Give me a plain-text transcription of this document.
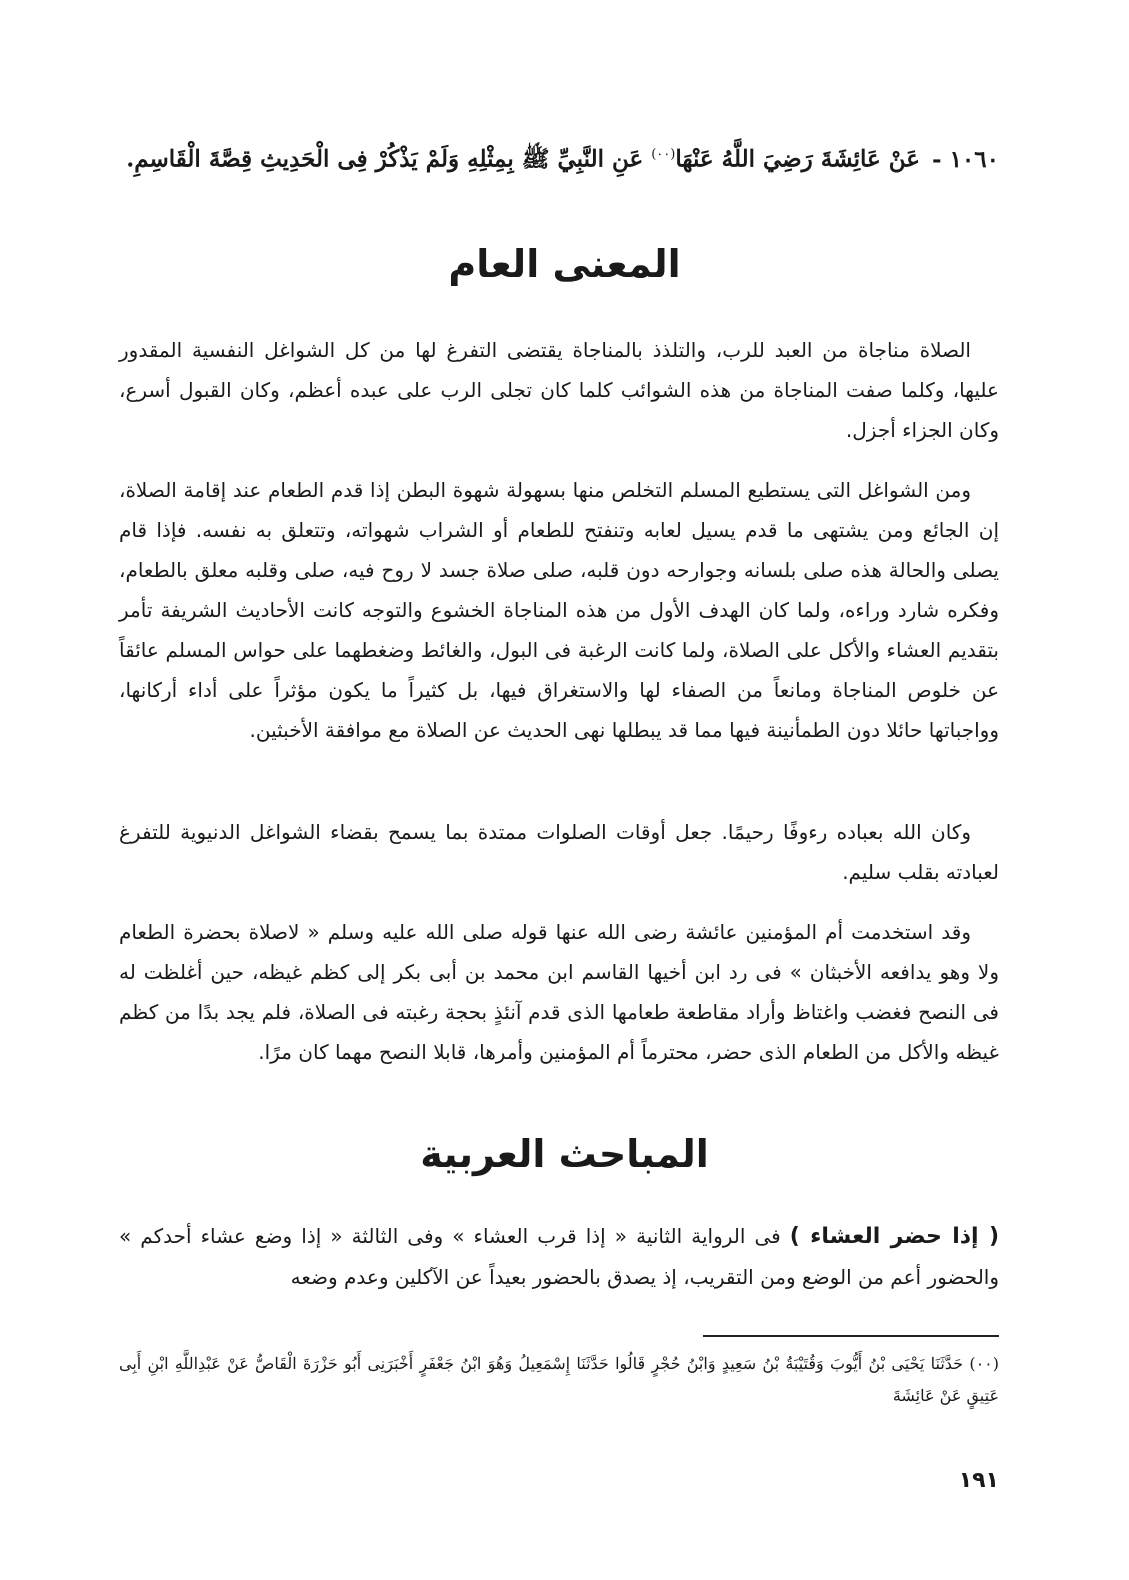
١٠٦٠ - عَنْ عَائِشَةَ رَضِيَ اللَّهُ عَنْهَا$^{(٠٠)}$ عَنِ النَّبِيِّ ﷺ بِمِثْلِهِ وَلَمْ يَذْكُرْ فِى الْحَدِيثِ قِصَّةَ الْقَاسِمِ.
المعنى العام

الصلاة مناجاة من العبد للرب، والتلذذ بالمناجاة يقتضى التفرغ لها من كل الشواغل النفسية المقدور عليها، وكلما صفت المناجاة من هذه الشوائب كلما كان تجلى الرب على عبده أعظم، وكان القبول أسرع، وكان الجزاء أجزل.

ومن الشواغل التى يستطيع المسلم التخلص منها بسهولة شهوة البطن إذا قدم الطعام عند إقامة الصلاة، إن الجائع ومن يشتهى ما قدم يسيل لعابه وتنفتح للطعام أو الشراب شهواته، وتتعلق به نفسه. فإذا قام يصلى والحالة هذه صلى بلسانه وجوارحه دون قلبه، صلى صلاة جسد لا روح فيه، صلى وقلبه معلق بالطعام، وفكره شارد وراءه، ولما كان الهدف الأول من هذه المناجاة الخشوع والتوجه كانت الأحاديث الشريفة تأمر بتقديم العشاء والأكل على الصلاة، ولما كانت الرغبة فى البول، والغائط وضغطهما على حواس المسلم عائقاً عن خلوص المناجاة ومانعاً من الصفاء لها والاستغراق فيها، بل كثيراً ما يكون مؤثراً على أداء أركانها، وواجباتها حائلا دون الطمأنينة فيها مما قد يبطلها نهى الحديث عن الصلاة مع موافقة الأخبثين.

وكان الله بعباده رءوفًا رحيمًا. جعل أوقات الصلوات ممتدة بما يسمح بقضاء الشواغل الدنيوية للتفرغ لعبادته بقلب سليم.

وقد استخدمت أم المؤمنين عائشة رضى الله عنها قوله صلى الله عليه وسلم « لاصلاة بحضرة الطعام ولا وهو يدافعه الأخبثان » فى رد ابن أخيها القاسم ابن محمد بن أبى بكر إلى كظم غيظه، حين أغلظت له فى النصح فغضب واغتاظ وأراد مقاطعة طعامها الذى قدم آنئذٍ بحجة رغبته فى الصلاة، فلم يجد بدًا من كظم غيظه والأكل من الطعام الذى حضر، محترماً أم المؤمنين وأمرها، قابلا النصح مهما كان مرًا.

المباحث العربية

( إذا حضر العشاء ) فى الرواية الثانية « إذا قرب العشاء » وفى الثالثة « إذا وضع عشاء أحدكم » والحضور أعم من الوضع ومن التقريب، إذ يصدق بالحضور بعيداً عن الآكلين وعدم وضعه

(٠٠) حَدَّثَنَا يَحْيَى بْنُ أَيُّوبَ وَقُتَيْبَةُ بْنُ سَعِيدٍ وَابْنُ حُجْرٍ قَالُوا حَدَّثَنَا إِسْمَعِيلُ وَهُوَ ابْنُ جَعْفَرٍ أَخْبَرَنِى أَبُو حَزْرَةَ الْقَاصُّ عَنْ عَبْدِاللَّهِ ابْنِ أَبِى عَتِيقٍ عَنْ عَائِشَةَ

١٩١
